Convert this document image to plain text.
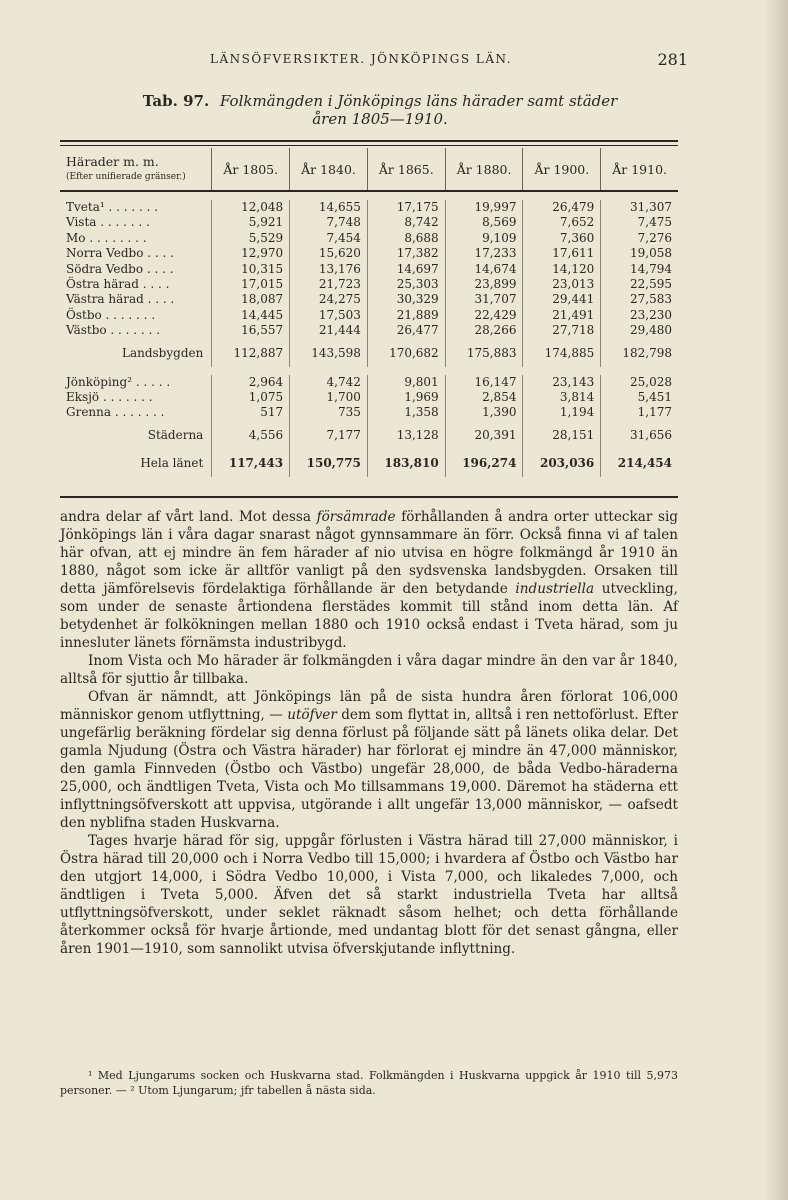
LÄNSÖFVERSIKTER. JÖNKÖPINGS LÄN.	281
Tab. 97. Folkmängden i Jönköpings läns härader samt städer
åren 1805—1910.
Härader m. m.
(Efter unifierade gränser.)	År 1805.	År 1840.	År 1865.	År 1880.	År 1900.	År 1910.

Tveta¹ . . . . . . .	12,048	14,655	17,175	19,997	26,479	31,307
Vista . . . . . . .	5,921	7,748	8,742	8,569	7,652	7,475
Mo . . . . . . . .	5,529	7,454	8,688	9,109	7,360	7,276
Norra Vedbo . . . .	12,970	15,620	17,382	17,233	17,611	19,058
Södra Vedbo . . . .	10,315	13,176	14,697	14,674	14,120	14,794
Östra härad . . . .	17,015	21,723	25,303	23,899	23,013	22,595
Västra härad . . . .	18,087	24,275	30,329	31,707	29,441	27,583
Östbo . . . . . . .	14,445	17,503	21,889	22,429	21,491	23,230
Västbo . . . . . . .	16,557	21,444	26,477	28,266	27,718	29,480
Landsbygden	112,887	143,598	170,682	175,883	174,885	182,798

Jönköping² . . . . .	2,964	4,742	9,801	16,147	23,143	25,028
Eksjö . . . . . . .	1,075	1,700	1,969	2,854	3,814	5,451
Grenna . . . . . . .	517	735	1,358	1,390	1,194	1,177
Städerna	4,556	7,177	13,128	20,391	28,151	31,656
Hela länet	117,443	150,775	183,810	196,274	203,036	214,454

andra delar af vårt land. Mot dessa försämrade förhållanden å andra orter utteckar sig Jönköpings län i våra dagar snarast något gynnsammare än förr. Också finna vi af talen här ofvan, att ej mindre än fem härader af nio utvisa en högre folkmängd år 1910 än 1880, något som icke är alltför vanligt på den sydsvenska landsbygden. Orsaken till detta jämförelsevis fördelaktiga förhållande är den betydande industriella utveckling, som under de senaste årtiondena flerstädes kommit till stånd inom detta län. Af betydenhet är folkökningen mellan 1880 och 1910 också endast i Tveta härad, som ju innesluter länets förnämsta industribygd.

Inom Vista och Mo härader är folkmängden i våra dagar mindre än den var år 1840, alltså för sjuttio år tillbaka.

Ofvan är nämndt, att Jönköpings län på de sista hundra åren förlorat 106,000 människor genom utflyttning, — utöfver dem som flyttat in, alltså i ren nettoförlust. Efter ungefärlig beräkning fördelar sig denna förlust på följande sätt på länets olika delar. Det gamla Njudung (Östra och Västra härader) har förlorat ej mindre än 47,000 människor, den gamla Finnveden (Östbo och Västbo) ungefär 28,000, de båda Vedbo-häraderna 25,000, och ändtligen Tveta, Vista och Mo tillsammans 19,000. Däremot ha städerna ett inflyttningsöfverskott att uppvisa, utgörande i allt ungefär 13,000 människor, — oafsedt den nyblifna staden Huskvarna.

Tages hvarje härad för sig, uppgår förlusten i Västra härad till 27,000 människor, i Östra härad till 20,000 och i Norra Vedbo till 15,000; i hvardera af Östbo och Västbo har den utgjort 14,000, i Södra Vedbo 10,000, i Vista 7,000, och likaledes 7,000, och ändtligen i Tveta 5,000. Äfven det så starkt industriella Tveta har alltså utflyttningsöfverskott, under seklet räknadt såsom helhet; och detta förhållande återkommer också för hvarje årtionde, med undantag blott för det senast gångna, eller åren 1901—1910, som sannolikt utvisa öfverskjutande inflyttning.

¹ Med Ljungarums socken och Huskvarna stad. Folkmängden i Huskvarna uppgick år 1910 till 5,973 personer. — ² Utom Ljungarum; jfr tabellen å nästa sida.
